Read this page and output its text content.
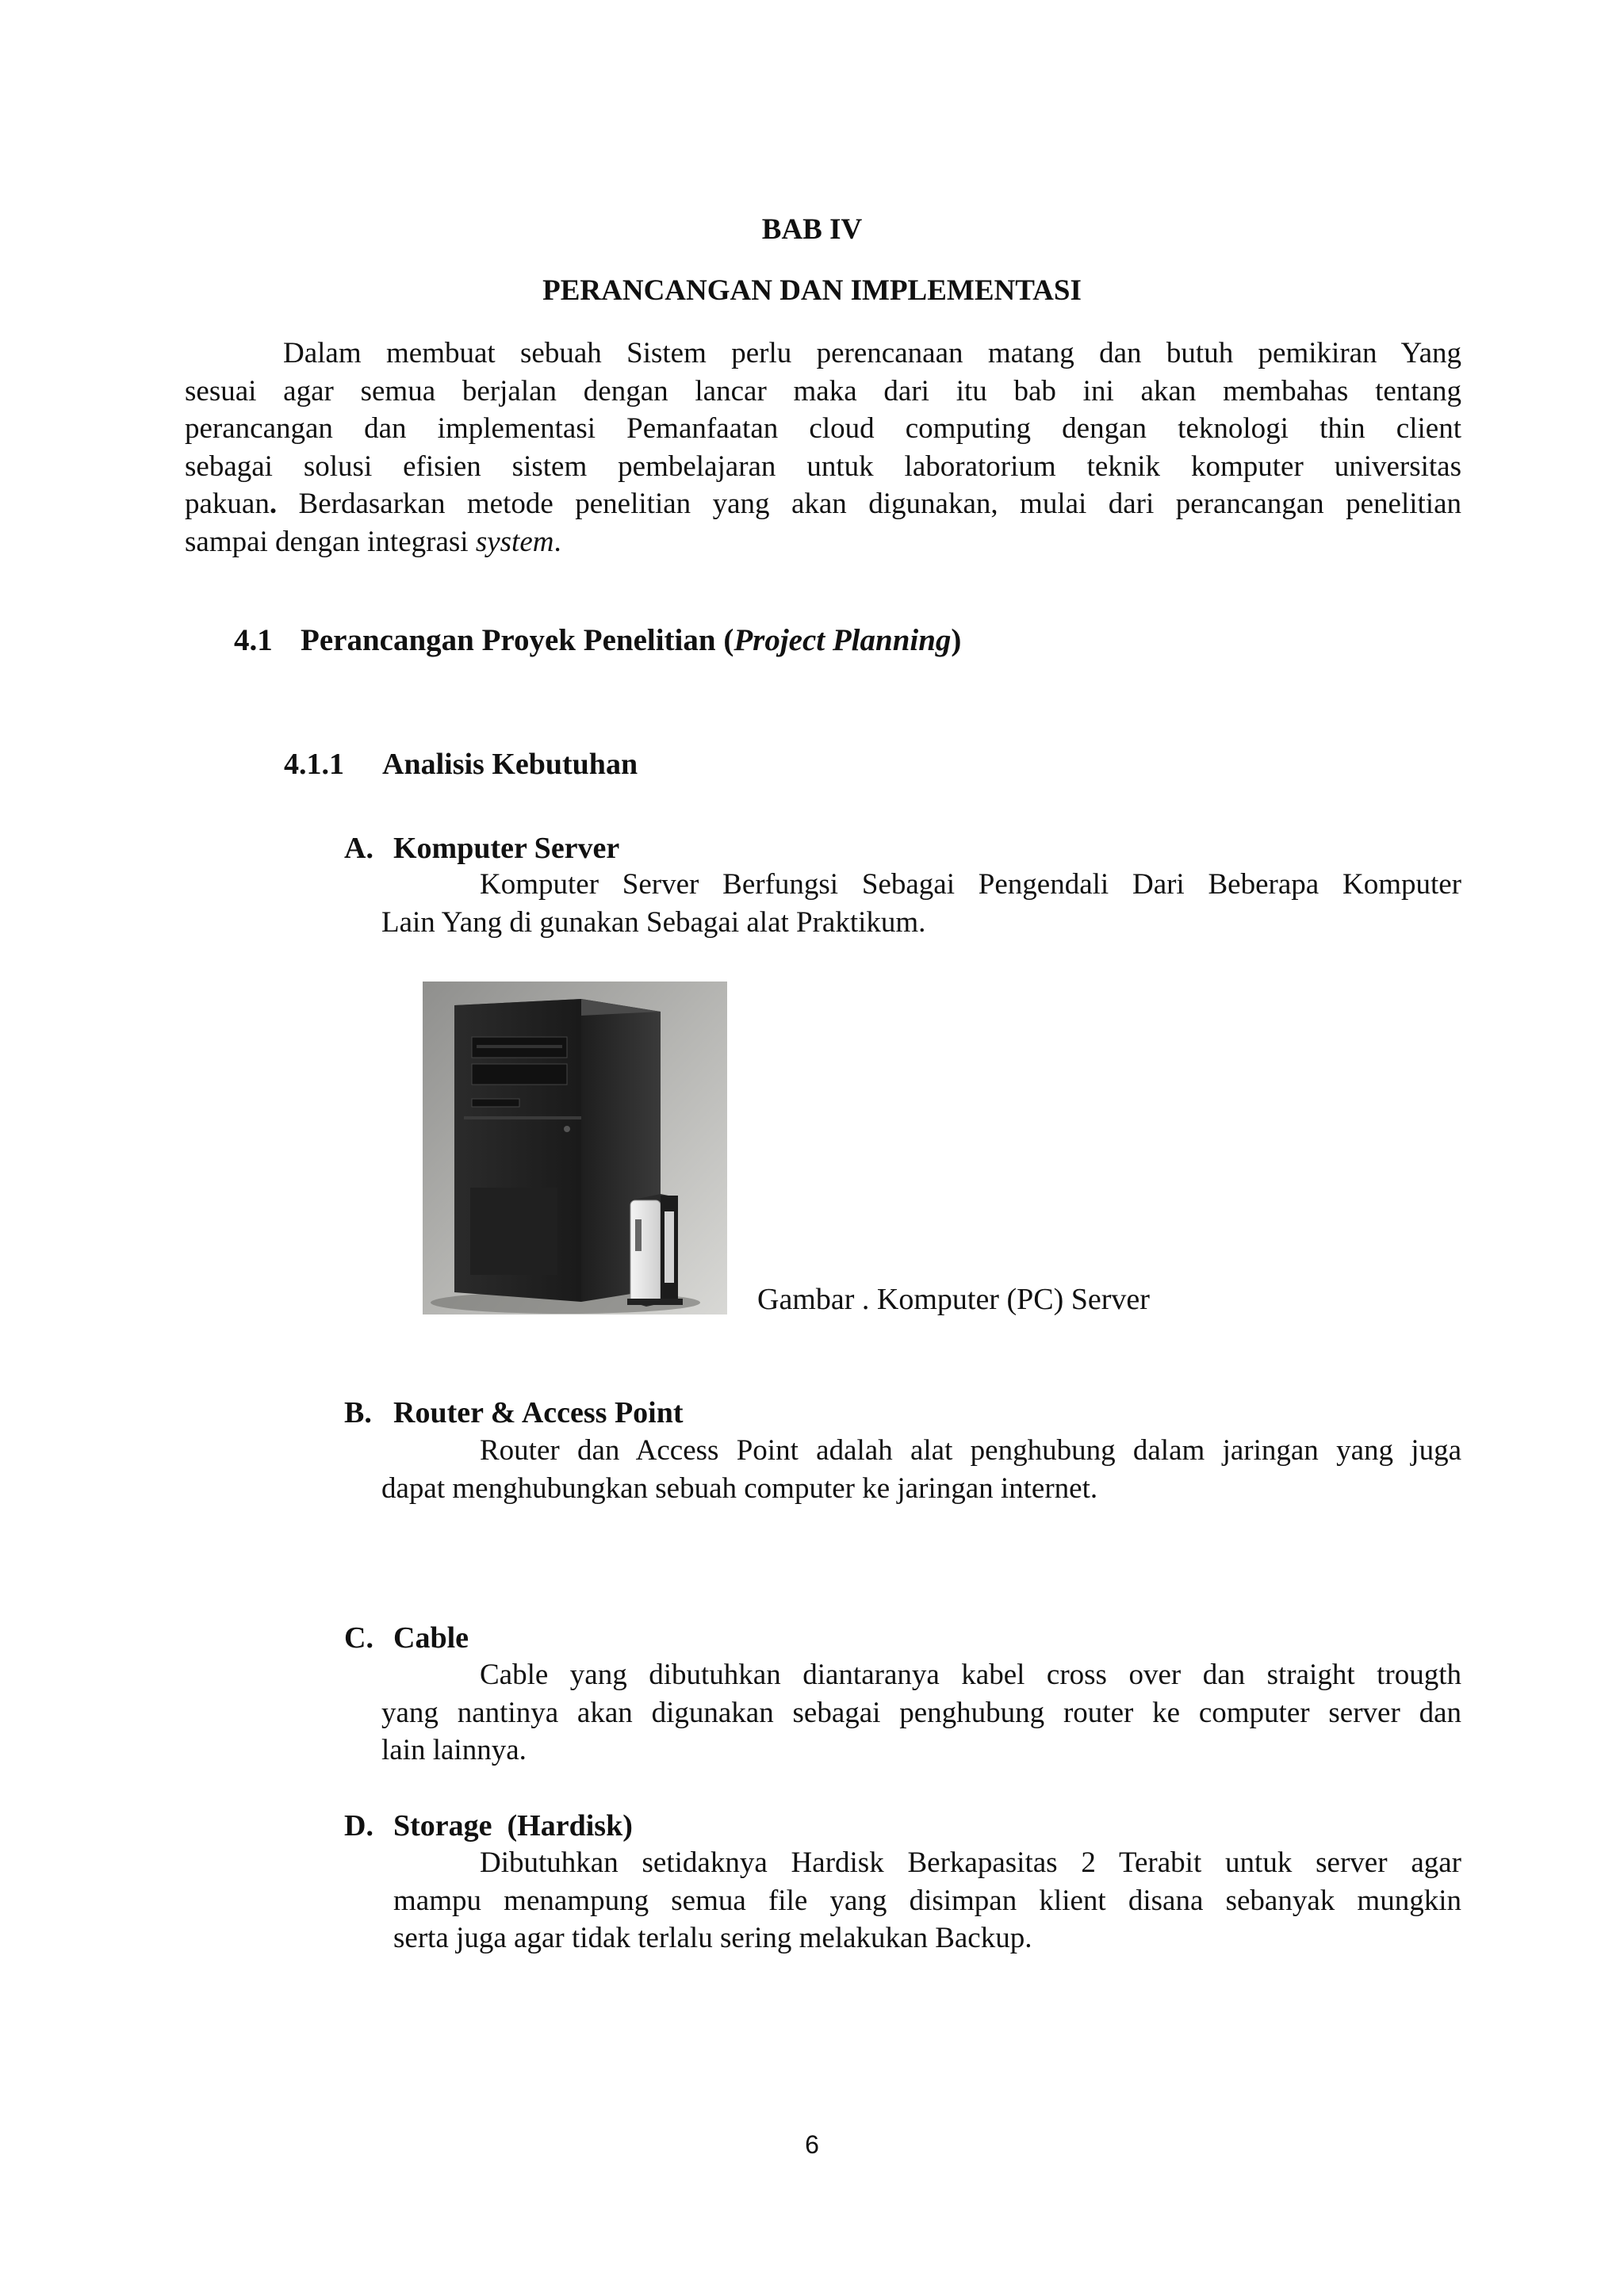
BAB IV
PERANCANGAN DAN IMPLEMENTASI
Dalam membuat sebuah Sistem perlu perencanaan matang dan butuh pemikiran Yang
sesuai agar semua berjalan dengan lancar maka dari itu bab ini akan membahas tentang
perancangan dan implementasi Pemanfaatan cloud computing dengan teknologi thin client
sebagai solusi efisien sistem pembelajaran untuk laboratorium teknik komputer universitas
pakuan. Berdasarkan metode penelitian yang akan digunakan, mulai dari perancangan penelitian
sampai dengan integrasi system.
4.1 Perancangan Proyek Penelitian (Project Planning)
4.1.1 Analisis Kebutuhan
A. Komputer Server
Komputer Server Berfungsi Sebagai Pengendali Dari Beberapa Komputer
Lain Yang di gunakan Sebagai alat Praktikum.
Gambar . Komputer (PC) Server
B. Router & Access Point
Router dan Access Point adalah alat penghubung dalam jaringan yang juga
dapat menghubungkan sebuah computer ke jaringan internet.
C. Cable
Cable yang dibutuhkan diantaranya kabel cross over dan straight trougth
yang nantinya akan digunakan sebagai penghubung router ke computer server dan
lain lainnya.
D. Storage  (Hardisk)
Dibutuhkan setidaknya Hardisk Berkapasitas 2 Terabit untuk server agar
mampu menampung semua file yang disimpan klient disana sebanyak mungkin
serta juga agar tidak terlalu sering melakukan Backup.
6
